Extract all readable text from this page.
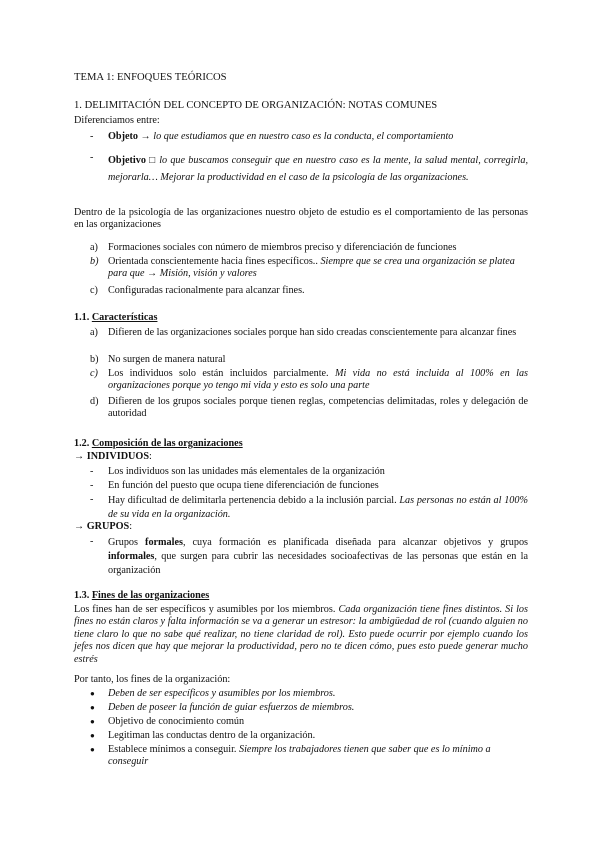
TEMA 1: ENFOQUES TEÓRICOS

1. DELIMITACIÓN DEL CONCEPTO DE ORGANIZACIÓN: NOTAS COMUNES

Diferenciamos entre:

- Objeto → lo que estudiamos que en nuestro caso es la conducta, el comportamiento

- Objetivo □ lo que buscamos conseguir que en nuestro caso es la mente, la salud mental, corregirla, mejorarla… Mejorar la productividad en el caso de la psicología de las organizaciones.

Dentro de la psicología de las organizaciones nuestro objeto de estudio es el comportamiento de las personas en las organizaciones

a) Formaciones sociales con número de miembros preciso y diferenciación de funciones

b) Orientada conscientemente hacia fines específicos.. Siempre que se crea una organización se platea para que → Misión, visión y valores

c) Configuradas racionalmente para alcanzar fines.

1.1. Características

a) Difieren de las organizaciones sociales porque han sido creadas conscientemente para alcanzar fines

b) No surgen de manera natural

c) Los individuos solo están incluidos parcialmente. Mi vida no está incluida al 100% en las organizaciones porque yo tengo mi vida y esto es solo una parte

d) Difieren de los grupos sociales porque tienen reglas, competencias delimitadas, roles y delegación de autoridad

1.2. Composición de las organizaciones

→ INDIVIDUOS:

- Los individuos son las unidades más elementales de la organización

- En función del puesto que ocupa tiene diferenciación de funciones

- Hay dificultad de delimitarla pertenencia debido a la inclusión parcial. Las personas no están al 100% de su vida en la organización.

→ GRUPOS:

- Grupos formales, cuya formación es planificada diseñada para alcanzar objetivos y grupos informales, que surgen para cubrir las necesidades socioafectivas de las personas que están en la organización

1.3. Fines de las organizaciones

Los fines han de ser específicos y asumibles por los miembros. Cada organización tiene fines distintos. Si los fines no están claros y falta información se va a generar un estresor: la ambigüedad de rol (cuando alguien no tiene claro lo que no sabe qué realizar, no tiene claridad de rol). Esto puede ocurrir por ejemplo cuando los jefes nos dicen que hay que mejorar la productividad, pero no te dicen cómo, pues esto puede generar mucho estrés

Por tanto, los fines de la organización:

● Deben de ser específicos y asumibles por los miembros.

● Deben de poseer la función de guiar esfuerzos de miembros.

● Objetivo de conocimiento común

● Legitiman las conductas dentro de la organización.

● Establece mínimos a conseguir. Siempre los trabajadores tienen que saber que es lo mínimo a conseguir
